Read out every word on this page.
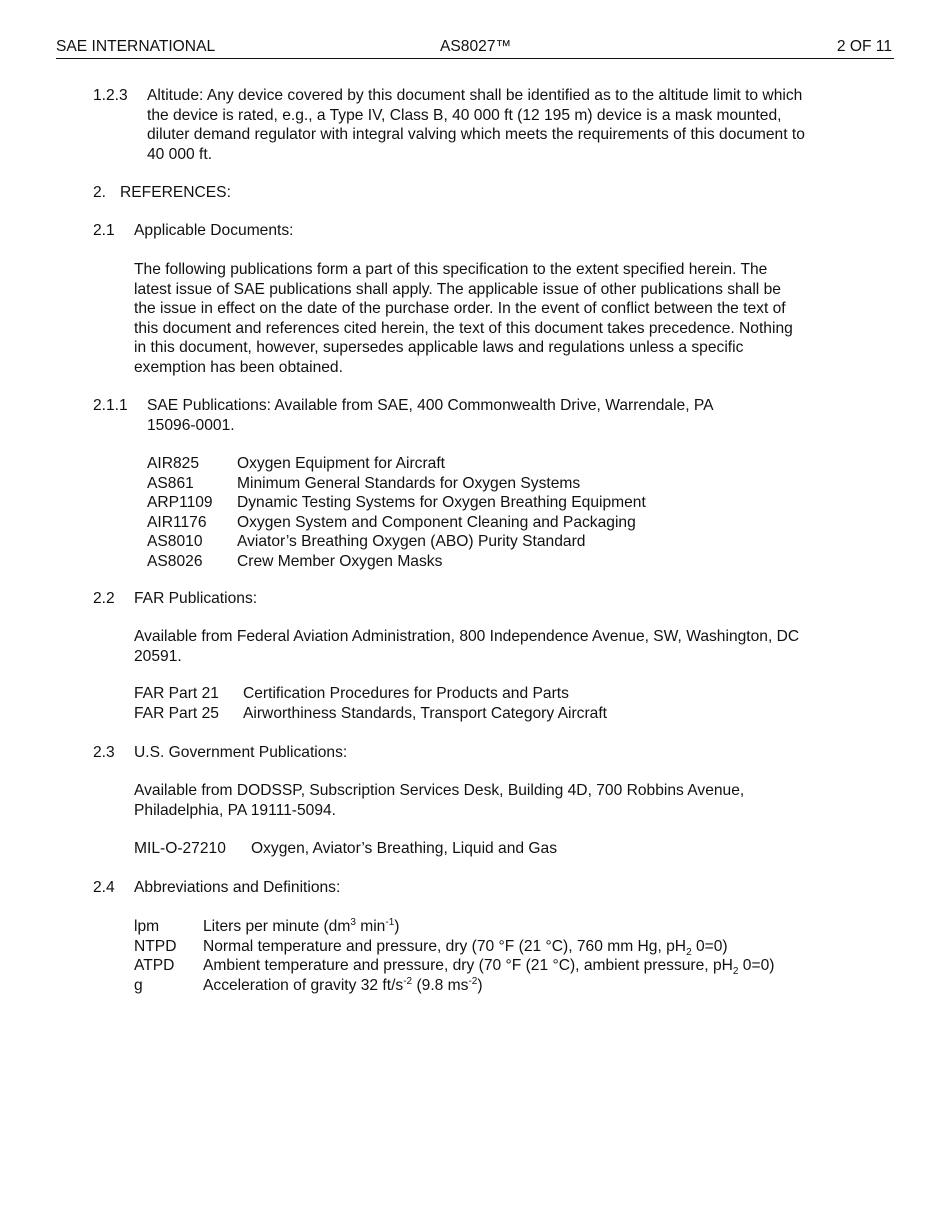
SAE INTERNATIONAL	AS8027™	2 OF 11
1.2.3 Altitude: Any device covered by this document shall be identified as to the altitude limit to which
the device is rated, e.g., a Type IV, Class B, 40 000 ft (12 195 m) device is a mask mounted,
diluter demand regulator with integral valving which meets the requirements of this document to
40 000 ft.
2. REFERENCES:
2.1 Applicable Documents:
The following publications form a part of this specification to the extent specified herein. The
latest issue of SAE publications shall apply. The applicable issue of other publications shall be
the issue in effect on the date of the purchase order. In the event of conflict between the text of
this document and references cited herein, the text of this document takes precedence. Nothing
in this document, however, supersedes applicable laws and regulations unless a specific
exemption has been obtained.
2.1.1 SAE Publications: Available from SAE, 400 Commonwealth Drive, Warrendale, PA
15096-0001.
AIR825	Oxygen Equipment for Aircraft
AS861	Minimum General Standards for Oxygen Systems
ARP1109	Dynamic Testing Systems for Oxygen Breathing Equipment
AIR1176	Oxygen System and Component Cleaning and Packaging
AS8010	Aviator’s Breathing Oxygen (ABO) Purity Standard
AS8026	Crew Member Oxygen Masks
2.2 FAR Publications:
Available from Federal Aviation Administration, 800 Independence Avenue, SW, Washington, DC
20591.
FAR Part 21	Certification Procedures for Products and Parts
FAR Part 25	Airworthiness Standards, Transport Category Aircraft
2.3 U.S. Government Publications:
Available from DODSSP, Subscription Services Desk, Building 4D, 700 Robbins Avenue,
Philadelphia, PA 19111-5094.
MIL-O-27210	Oxygen, Aviator’s Breathing, Liquid and Gas
2.4 Abbreviations and Definitions:
lpm	Liters per minute ($dm^3$ $\min^{-1}$)
NTPD	Normal temperature and pressure, dry (70 °F (21 °C), 760 mm Hg, $pH_2$ 0=0)
ATPD	Ambient temperature and pressure, dry (70 °F (21 °C), ambient pressure, $pH_2$ 0=0)
g	Acceleration of gravity 32 $ft/s^{-2}$ (9.8 $ms^{-2}$)
